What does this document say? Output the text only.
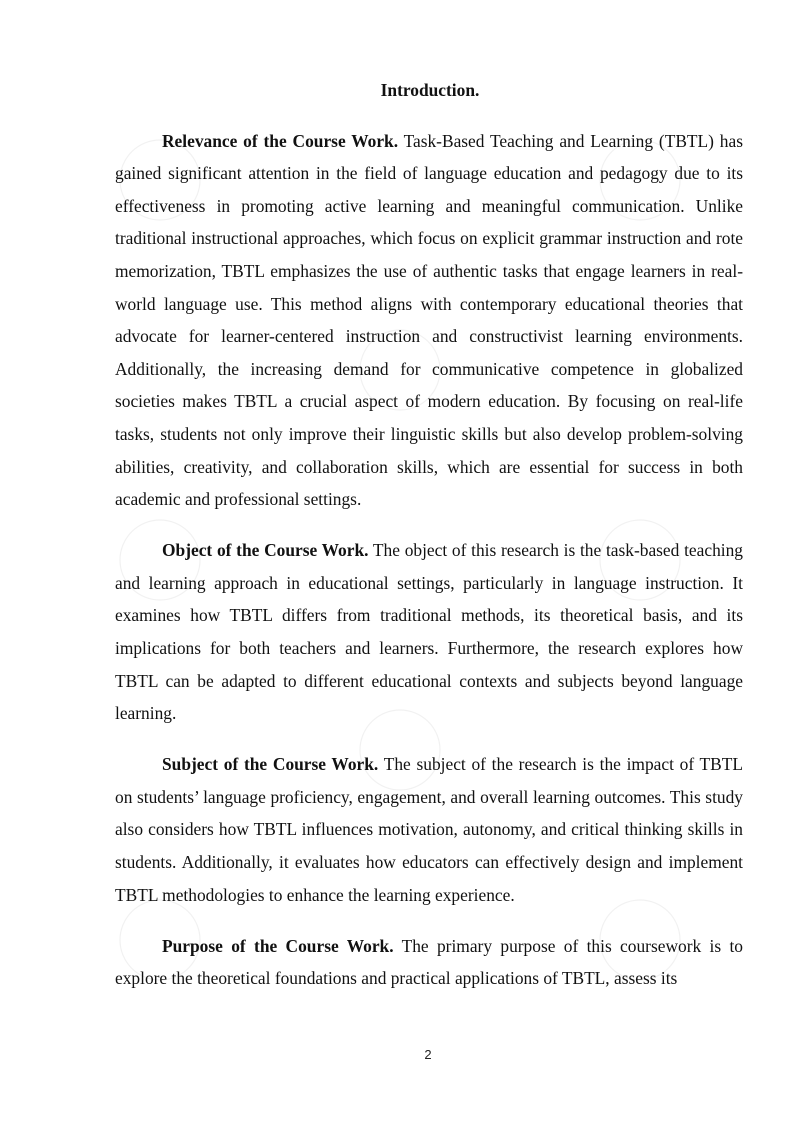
Introduction.

Relevance of the Course Work. Task-Based Teaching and Learning (TBTL) has gained significant attention in the field of language education and pedagogy due to its effectiveness in promoting active learning and meaningful communication. Unlike traditional instructional approaches, which focus on explicit grammar instruction and rote memorization, TBTL emphasizes the use of authentic tasks that engage learners in real-world language use. This method aligns with contemporary educational theories that advocate for learner-centered instruction and constructivist learning environments. Additionally, the increasing demand for communicative competence in globalized societies makes TBTL a crucial aspect of modern education. By focusing on real-life tasks, students not only improve their linguistic skills but also develop problem-solving abilities, creativity, and collaboration skills, which are essential for success in both academic and professional settings.

Object of the Course Work. The object of this research is the task-based teaching and learning approach in educational settings, particularly in language instruction. It examines how TBTL differs from traditional methods, its theoretical basis, and its implications for both teachers and learners. Furthermore, the research explores how TBTL can be adapted to different educational contexts and subjects beyond language learning.

Subject of the Course Work. The subject of the research is the impact of TBTL on students’ language proficiency, engagement, and overall learning outcomes. This study also considers how TBTL influences motivation, autonomy, and critical thinking skills in students. Additionally, it evaluates how educators can effectively design and implement TBTL methodologies to enhance the learning experience.

Purpose of the Course Work. The primary purpose of this coursework is to explore the theoretical foundations and practical applications of TBTL, assess its

2
